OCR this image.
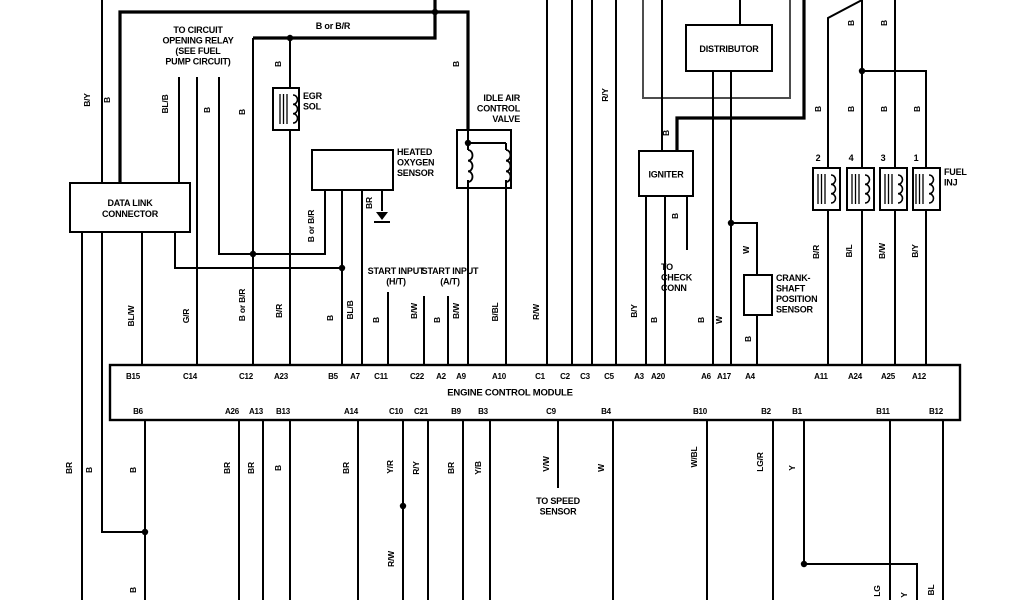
DATA LINK
CONNECTOR
DISTRIBUTOR
IGNITER
ENGINE CONTROL MODULE
B15	C14	C12	A23	B5 A7 C11	C22 A2 A9	A10	C1 C2 C3 C5	A3 A20	A6 A17 A4	A11	A24 A25 A12
B6	A26 A13 B13	A14	C10 C21	B9 B3	C9	B4	B10	B2	B1	B11	B12
TO CIRCUIT
OPENING RELAY
(SEE FUEL
PUMP CIRCUIT)
B or B/R
EGR
SOL
HEATED
OXYGEN
SENSOR
IDLE AIR
CONTROL
VALVE
START INPUT
(H/T)
START INPUT
(A/T)
TO
CHECK
CONN
CRANK-
SHAFT
POSITION
SENSOR
FUEL
INJ
TO SPEED
SENSOR
2	4	3	1
B/Y B	BL/B	B	B
B	B
R/Y
B
B or B/R
BR
BL/W	G/R	B or B/R	B/R	B BL/B
B
B/W
B
B/W	B/BL	R/W	B/Y
B
B
B W
W
B
B	B	B	B
B	B
B/R	B/L	B/W	B/Y
BR B	B	BR BR B	BR	Y/R R/Y	BR Y/B	V/W	W
W/BL	LG/R	Y
R/W
B	LG Y BL
